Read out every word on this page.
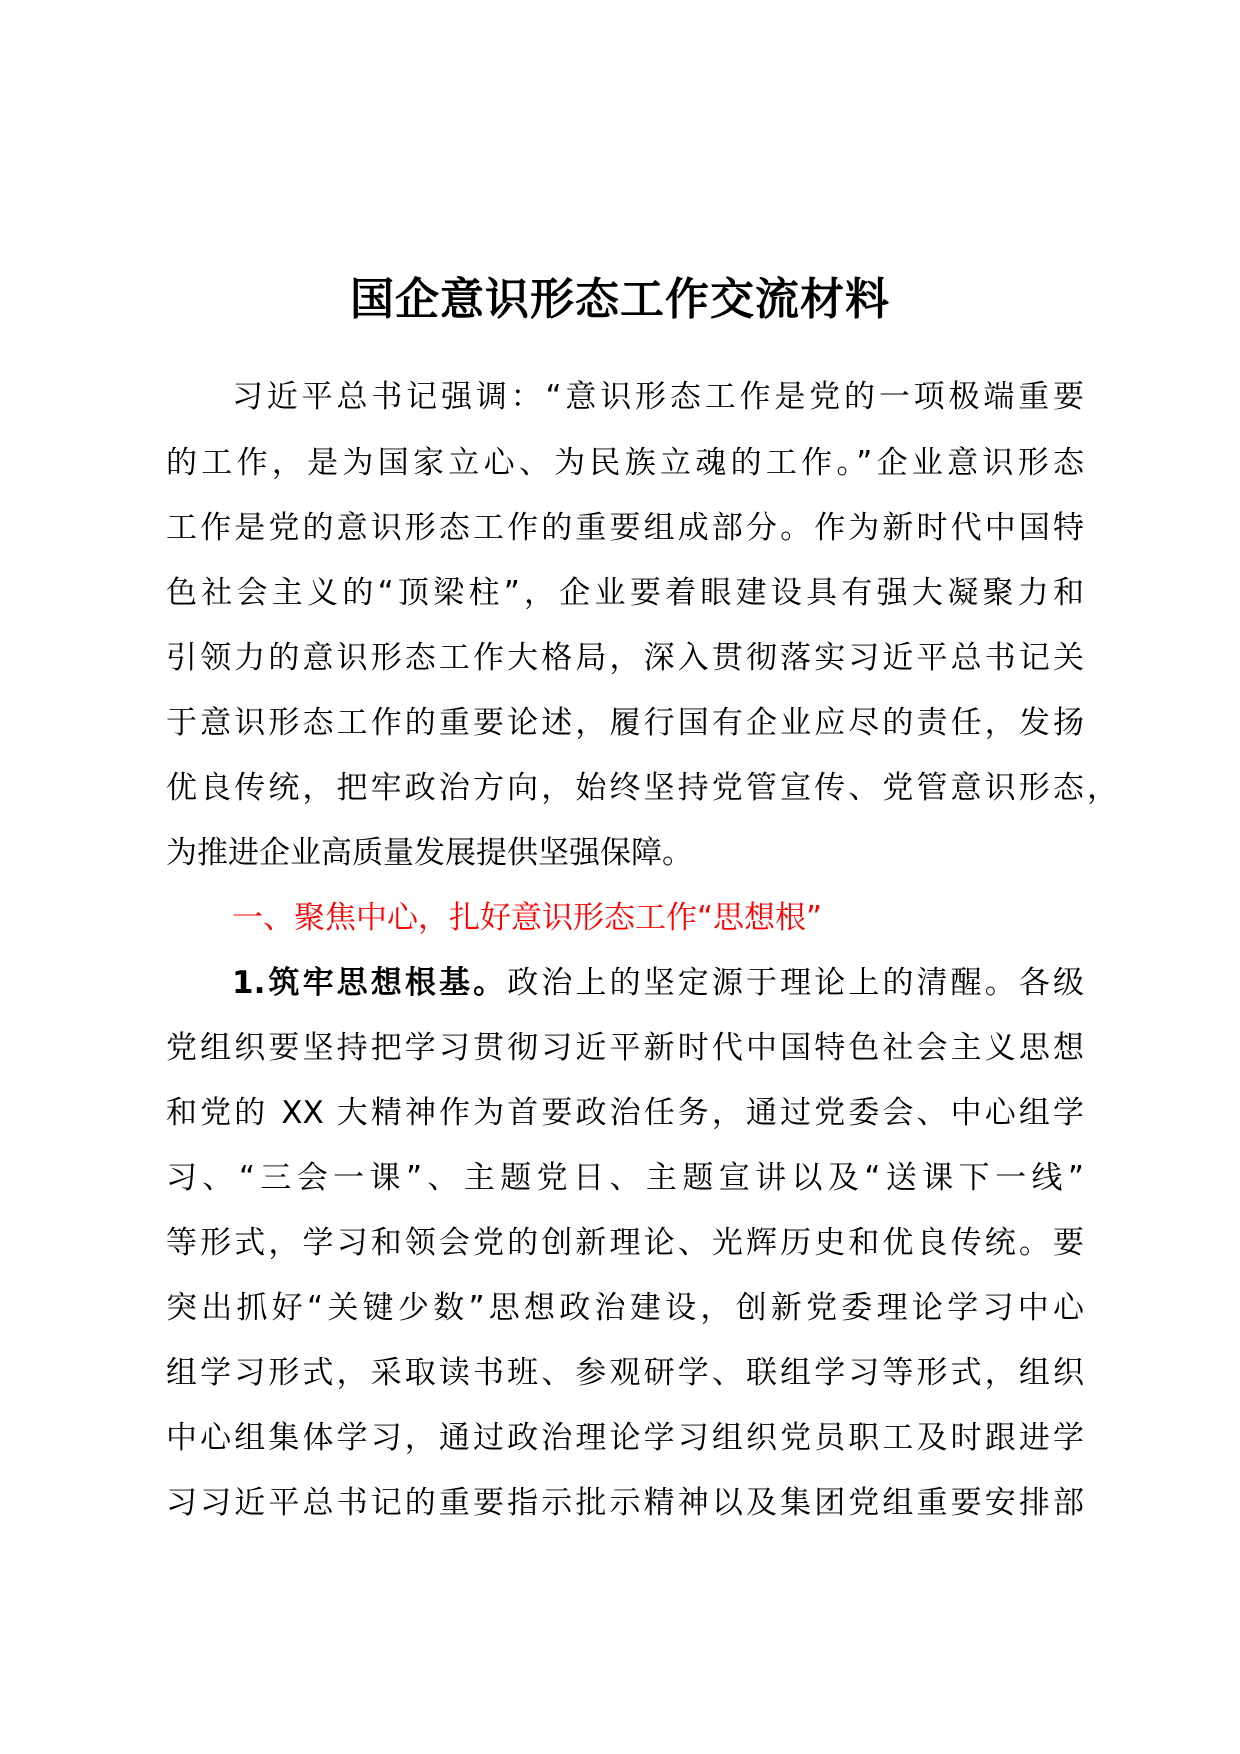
国企意识形态工作交流材料
习近平总书记强调：“意识形态工作是党的一项极端重要
的工作，是为国家立心、为民族立魂的工作。”企业意识形态
工作是党的意识形态工作的重要组成部分。作为新时代中国特
色社会主义的“顶梁柱”，企业要着眼建设具有强大凝聚力和
引领力的意识形态工作大格局，深入贯彻落实习近平总书记关
于意识形态工作的重要论述，履行国有企业应尽的责任，发扬
优良传统，把牢政治方向，始终坚持党管宣传、党管意识形态，
为推进企业高质量发展提供坚强保障。
一、聚焦中心，扎好意识形态工作“思想根”
1.筑牢思想根基。政治上的坚定源于理论上的清醒。各级
党组织要坚持把学习贯彻习近平新时代中国特色社会主义思想
和党的 XX 大精神作为首要政治任务，通过党委会、中心组学
习、“三会一课”、主题党日、主题宣讲以及“送课下一线”
等形式，学习和领会党的创新理论、光辉历史和优良传统。要
突出抓好“关键少数”思想政治建设，创新党委理论学习中心
组学习形式，采取读书班、参观研学、联组学习等形式，组织
中心组集体学习，通过政治理论学习组织党员职工及时跟进学
习习近平总书记的重要指示批示精神以及集团党组重要安排部
